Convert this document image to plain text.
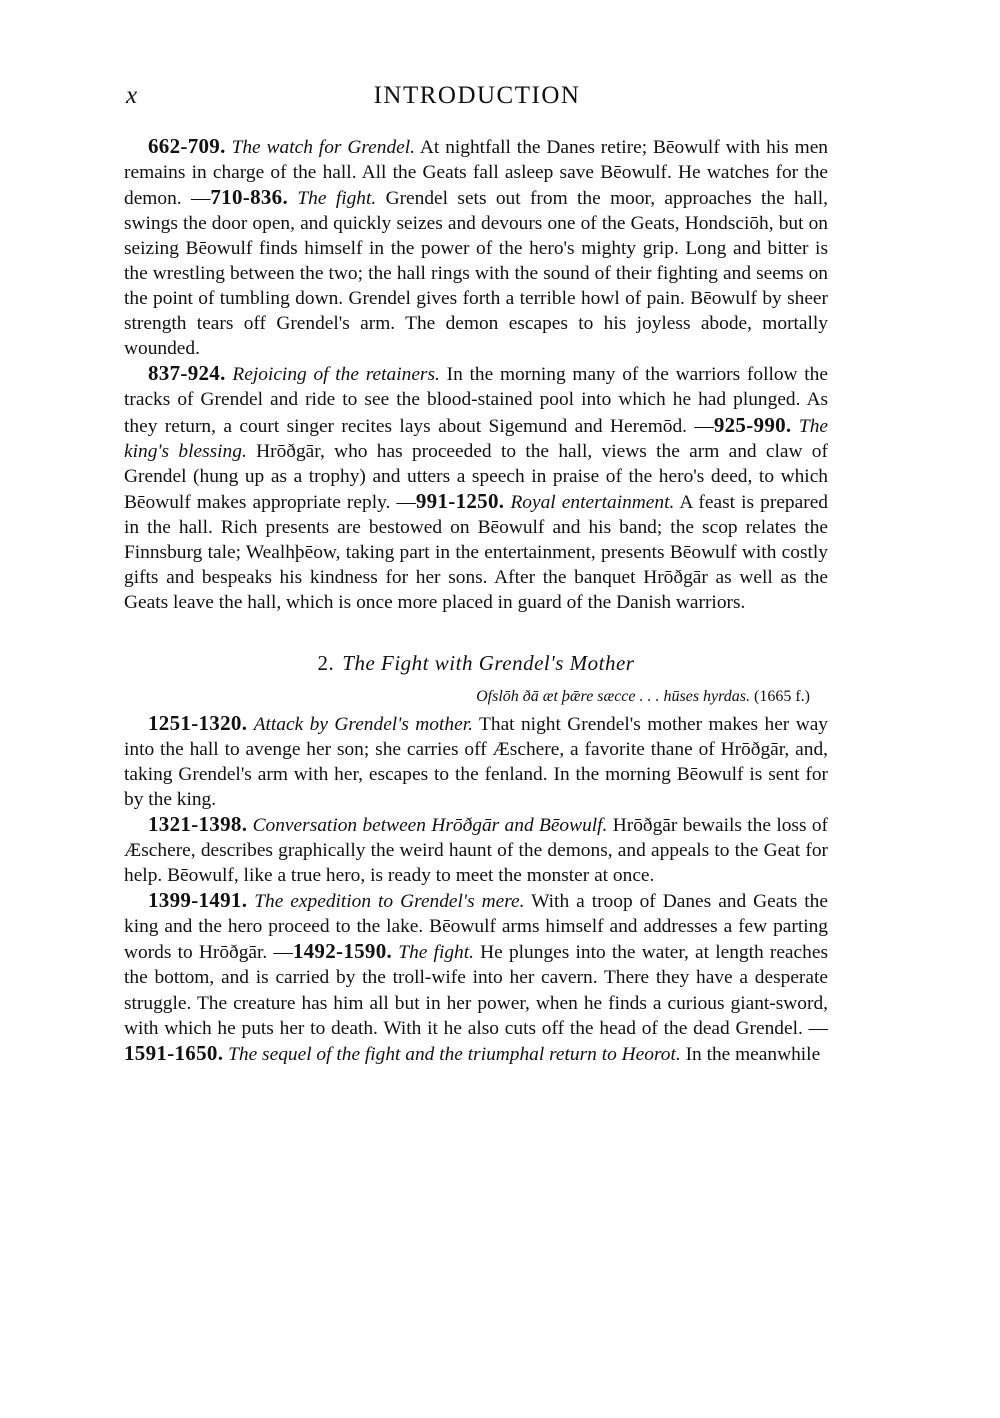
x	INTRODUCTION

662-709. The watch for Grendel. At nightfall the Danes retire; Bēowulf with his men remains in charge of the hall. All the Geats fall asleep save Bēowulf. He watches for the demon. —710-836. The fight. Grendel sets out from the moor, approaches the hall, swings the door open, and quickly seizes and devours one of the Geats, Hondsciōh, but on seizing Bēowulf finds himself in the power of the hero's mighty grip. Long and bitter is the wrestling between the two; the hall rings with the sound of their fighting and seems on the point of tumbling down. Grendel gives forth a terrible howl of pain. Bēowulf by sheer strength tears off Grendel's arm. The demon escapes to his joyless abode, mortally wounded.

837-924. Rejoicing of the retainers. In the morning many of the warriors follow the tracks of Grendel and ride to see the blood-stained pool into which he had plunged. As they return, a court singer recites lays about Sigemund and Heremōd. —925-990. The king's blessing. Hrōðgār, who has proceeded to the hall, views the arm and claw of Grendel (hung up as a trophy) and utters a speech in praise of the hero's deed, to which Bēowulf makes appropriate reply. —991-1250. Royal entertainment. A feast is prepared in the hall. Rich presents are bestowed on Bēowulf and his band; the scop relates the Finnsburg tale; Wealhþēow, taking part in the entertainment, presents Bēowulf with costly gifts and bespeaks his kindness for her sons. After the banquet Hrōðgār as well as the Geats leave the hall, which is once more placed in guard of the Danish warriors.

2. The Fight with Grendel's Mother
Ofslōh ðā æt þǣre sæcce . . . hūses hyrdas. (1665 f.)

1251-1320. Attack by Grendel's mother. That night Grendel's mother makes her way into the hall to avenge her son; she carries off Æschere, a favorite thane of Hrōðgār, and, taking Grendel's arm with her, escapes to the fenland. In the morning Bēowulf is sent for by the king.

1321-1398. Conversation between Hrōðgār and Bēowulf. Hrōðgār bewails the loss of Æschere, describes graphically the weird haunt of the demons, and appeals to the Geat for help. Bēowulf, like a true hero, is ready to meet the monster at once.

1399-1491. The expedition to Grendel's mere. With a troop of Danes and Geats the king and the hero proceed to the lake. Bēowulf arms himself and addresses a few parting words to Hrōðgār. —1492-1590. The fight. He plunges into the water, at length reaches the bottom, and is carried by the troll-wife into her cavern. There they have a desperate struggle. The creature has him all but in her power, when he finds a curious giant-sword, with which he puts her to death. With it he also cuts off the head of the dead Grendel. —1591-1650. The sequel of the fight and the triumphal return to Heorot. In the meanwhile
